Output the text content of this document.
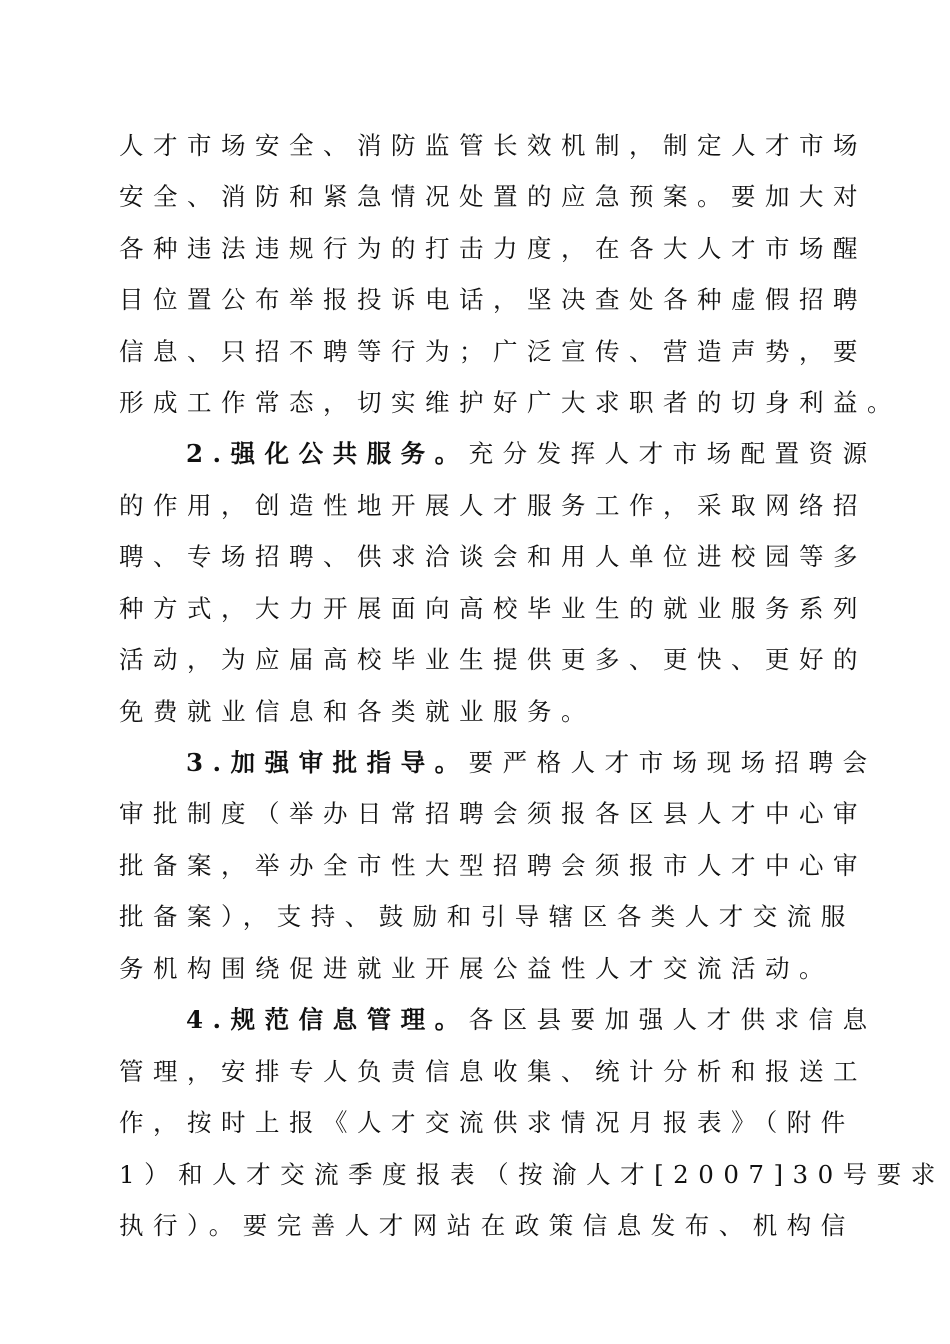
人才市场安全、消防监管长效机制，制定人才市场
安全、消防和紧急情况处置的应急预案。要加大对
各种违法违规行为的打击力度，在各大人才市场醒
目位置公布举报投诉电话，坚决查处各种虚假招聘
信息、只招不聘等行为；广泛宣传、营造声势，要
形成工作常态，切实维护好广大求职者的切身利益。
2.强化公共服务。充分发挥人才市场配置资源
的作用，创造性地开展人才服务工作，采取网络招
聘、专场招聘、供求洽谈会和用人单位进校园等多
种方式，大力开展面向高校毕业生的就业服务系列
活动，为应届高校毕业生提供更多、更快、更好的
免费就业信息和各类就业服务。
3.加强审批指导。要严格人才市场现场招聘会
审批制度（举办日常招聘会须报各区县人才中心审
批备案，举办全市性大型招聘会须报市人才中心审
批备案），支持、鼓励和引导辖区各类人才交流服
务机构围绕促进就业开展公益性人才交流活动。
4.规范信息管理。各区县要加强人才供求信息
管理，安排专人负责信息收集、统计分析和报送工
作，按时上报《人才交流供求情况月报表》（附件
1）和人才交流季度报表（按渝人才[2007]30号要求
执行）。要完善人才网站在政策信息发布、机构信
